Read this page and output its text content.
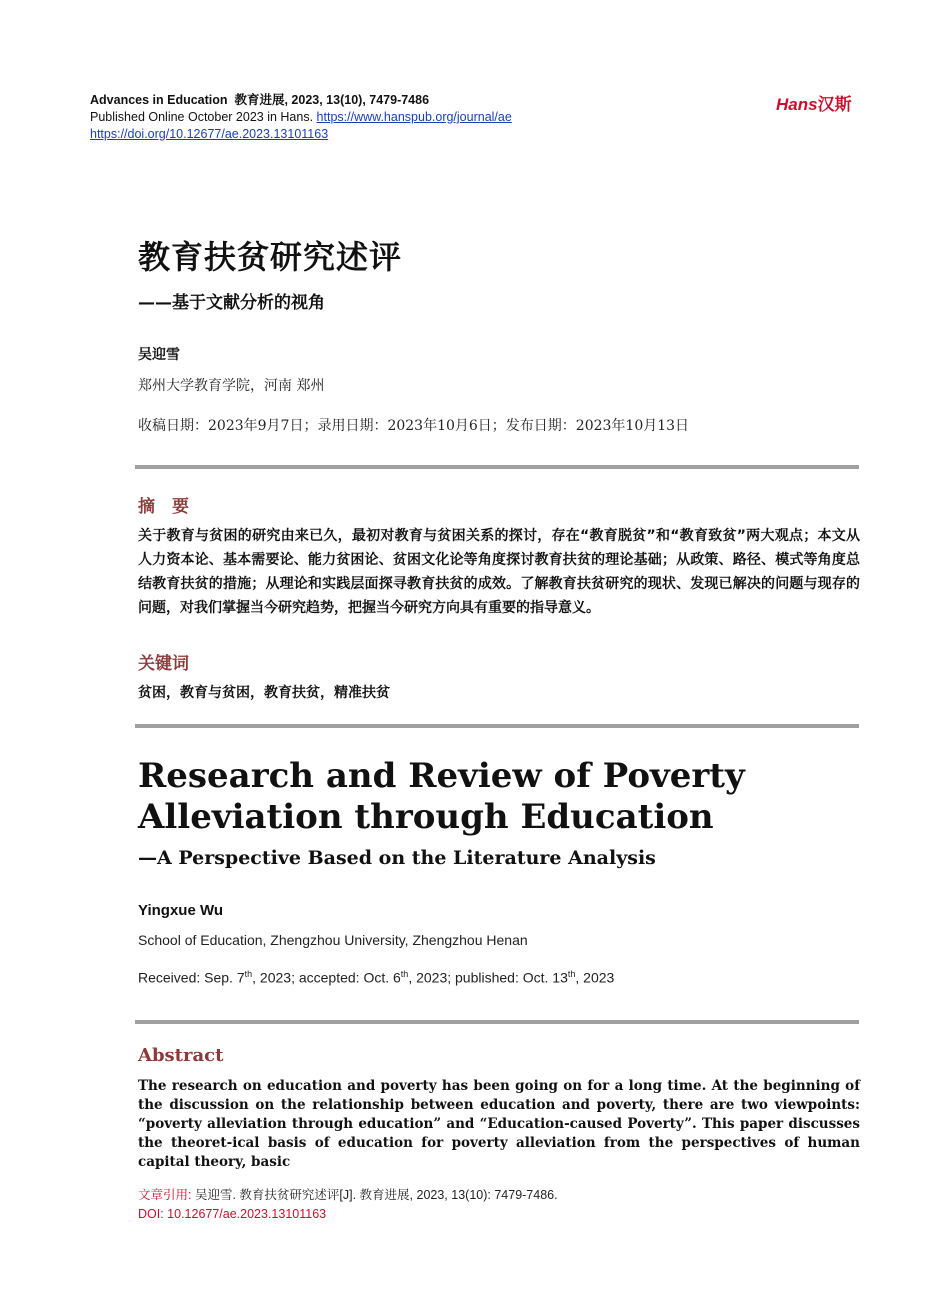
Advances in Education 教育进展, 2023, 13(10), 7479-7486
Published Online October 2023 in Hans. https://www.hanspub.org/journal/ae
https://doi.org/10.12677/ae.2023.13101163
Hans汉斯
教育扶贫研究述评
——基于文献分析的视角
吴迎雪
郑州大学教育学院，河南 郑州
收稿日期：2023年9月7日；录用日期：2023年10月6日；发布日期：2023年10月13日
摘　要
关于教育与贫困的研究由来已久，最初对教育与贫困关系的探讨，存在“教育脱贫”和“教育致贫”两大观点；本文从人力资本论、基本需要论、能力贫困论、贫困文化论等角度探讨教育扶贫的理论基础；从政策、路径、模式等角度总结教育扶贫的措施；从理论和实践层面探寻教育扶贫的成效。了解教育扶贫研究的现状、发现已解决的问题与现存的问题，对我们掌握当今研究趋势，把握当今研究方向具有重要的指导意义。
关键词
贫困，教育与贫困，教育扶贫，精准扶贫
Research and Review of Poverty Alleviation through Education
—A Perspective Based on the Literature Analysis
Yingxue Wu
School of Education, Zhengzhou University, Zhengzhou Henan
Received: Sep. 7th, 2023; accepted: Oct. 6th, 2023; published: Oct. 13th, 2023
Abstract
The research on education and poverty has been going on for a long time. At the beginning of the discussion on the relationship between education and poverty, there are two viewpoints: “poverty alleviation through education” and “Education-caused Poverty”. This paper discusses the theoret-ical basis of education for poverty alleviation from the perspectives of human capital theory, basic
文章引用: 吴迎雪. 教育扶贫研究述评[J]. 教育进展, 2023, 13(10): 7479-7486.
DOI: 10.12677/ae.2023.13101163
